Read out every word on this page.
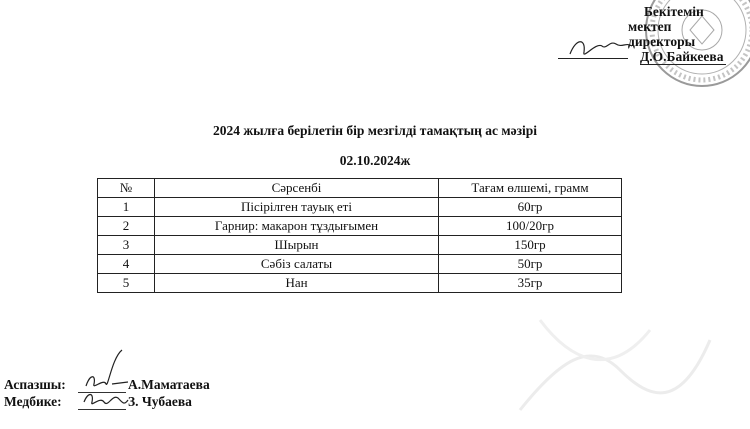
Бекітемін
мектеп директоры
Д.О.Байкеева
2024 жылға берілетін бір мезгілді тамақтың ас мәзірі
02.10.2024ж
№	Сәрсенбі	Тағам өлшемі, грамм
1	Пісірілген тауық еті	60гр
2	Гарнир: макарон тұздығымен	100/20гр
3	Шырын	150гр
4	Сәбіз салаты	50гр
5	Нан	35гр
Аспазшы:	А.Маматаева
Медбике:	З. Чубаева
